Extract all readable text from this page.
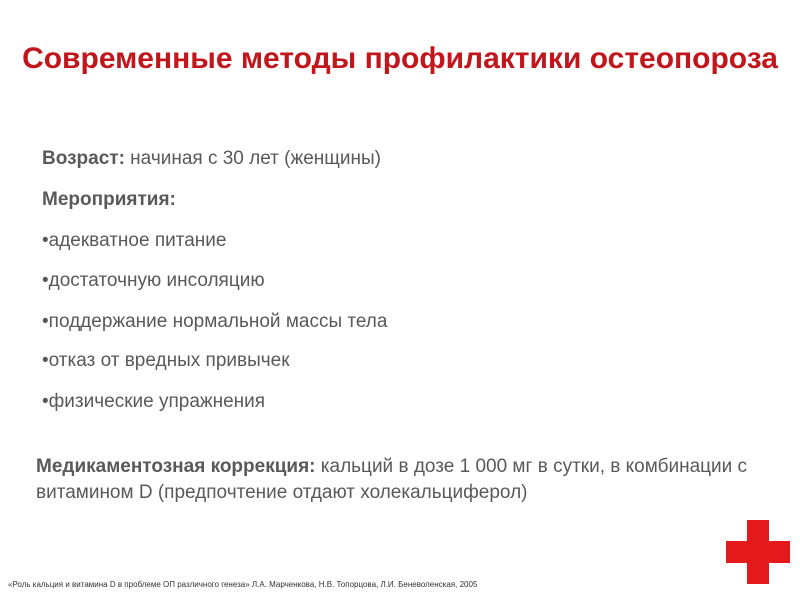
Современные методы профилактики остеопороза
Возраст: начиная с 30 лет (женщины)
Мероприятия:
•адекватное питание
•достаточную инсоляцию
•поддержание нормальной массы тела
•отказ от вредных привычек
•физические упражнения
Медикаментозная коррекция: кальций в дозе 1 000 мг в сутки, в комбинации с витамином D (предпочтение отдают холекальциферол)
«Роль кальция и витамина D в проблеме ОП различного генеза» Л.А. Марченкова, Н.В. Топорцова, Л.И. Беневоленская, 2005
